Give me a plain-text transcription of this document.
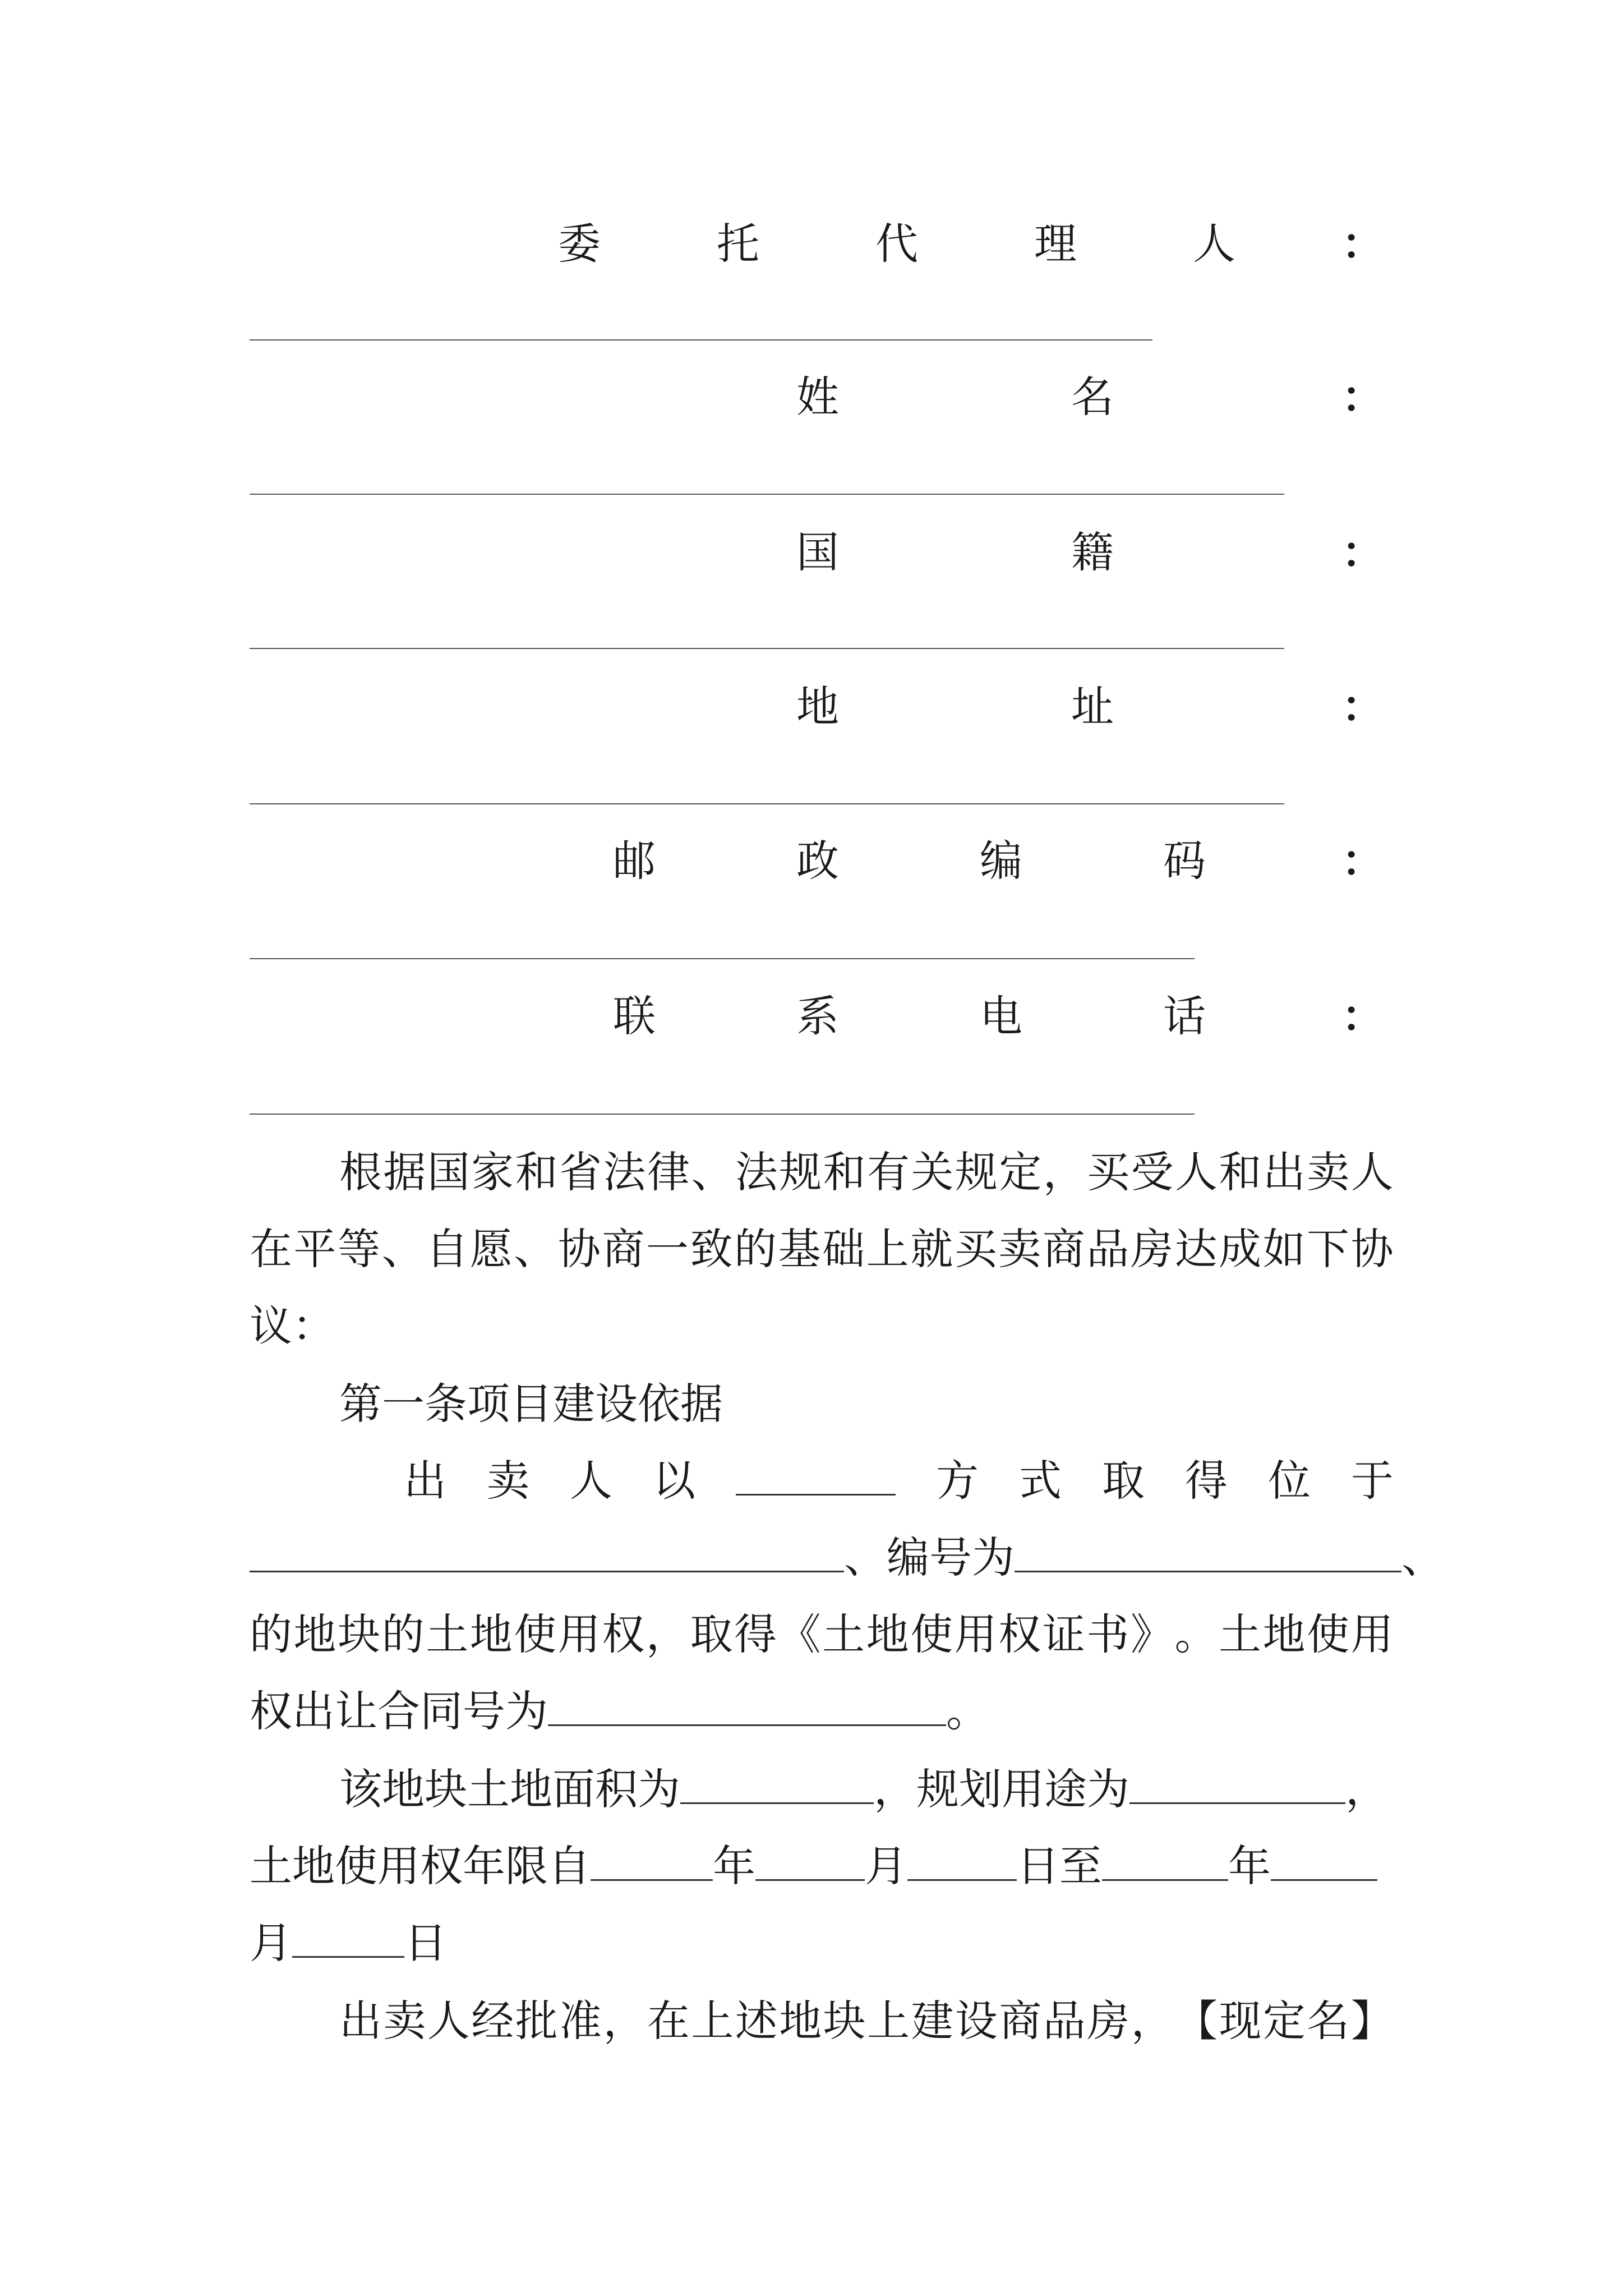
委	托	代	理	人 ：
姓	名	：
国	籍	：
地	址	：
邮	政	编	码	：
联	系	电	话	：
根 据 国 家 和 省 法 律 、 法 规 和 有 关 规 定 ， 买 受 人 和 出 卖 人
在 平 等 、 自 愿 、 协 商 一 致 的 基 础 上 就 买 卖 商 品 房 达 成 如 下 协
议：
第一条项目建设依据
出 卖 人 以	方 式 取 得 位 于
、编号为	、
的 地 块 的 土 地 使 用 权 ， 取 得 《 土 地 使 用 权 证 书 》 。 土 地 使 用
权出让合同号为	。
该地块土地面积为	，规划用途为	，
土地使用权年限自	年	月	日至	年
月	日
出 卖 人 经 批 准 ， 在 上 述 地 块 上 建 设 商 品 房 ， 【 现 定 名 】
